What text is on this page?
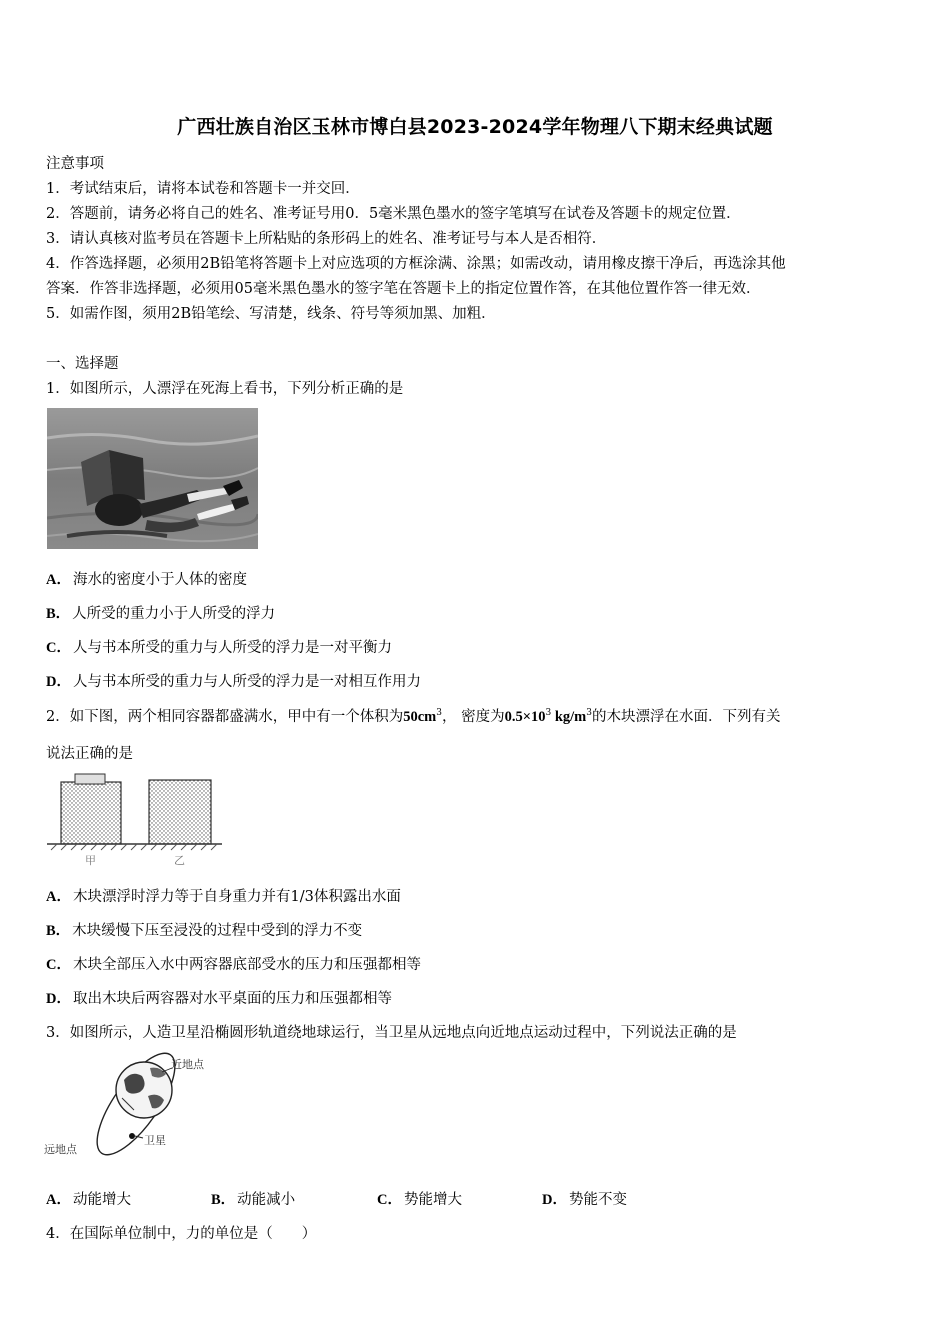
广西壮族自治区玉林市博白县2023-2024学年物理八下期末经典试题
注意事项
1．考试结束后，请将本试卷和答题卡一并交回．
2．答题前，请务必将自己的姓名、准考证号用0．5毫米黑色墨水的签字笔填写在试卷及答题卡的规定位置．
3．请认真核对监考员在答题卡上所粘贴的条形码上的姓名、准考证号与本人是否相符．
4．作答选择题，必须用2B铅笔将答题卡上对应选项的方框涂满、涂黑；如需改动，请用橡皮擦干净后，再选涂其他
答案．作答非选择题，必须用05毫米黑色墨水的签字笔在答题卡上的指定位置作答，在其他位置作答一律无效．
5．如需作图，须用2B铅笔绘、写清楚，线条、符号等须加黑、加粗．
一、选择题
1．如图所示，人漂浮在死海上看书，下列分析正确的是
A． 海水的密度小于人体的密度
B． 人所受的重力小于人所受的浮力
C． 人与书本所受的重力与人所受的浮力是一对平衡力
D． 人与书本所受的重力与人所受的浮力是一对相互作用力
2．如下图，两个相同容器都盛满水，甲中有一个体积为$50cm^3$， 密度为$0.5\times 10^3$ $kg/m^3$的木块漂浮在水面．下列有关
说法正确的是
甲	乙
A． 木块漂浮时浮力等于自身重力并有1/3体积露出水面
B． 木块缓慢下压至浸没的过程中受到的浮力不变
C． 木块全部压入水中两容器底部受水的压力和压强都相等
D． 取出木块后两容器对水平桌面的压力和压强都相等
3．如图所示，人造卫星沿椭圆形轨道绕地球运行，当卫星从远地点向近地点运动过程中，下列说法正确的是
近地点
远地点
卫星
A． 动能增大	B． 动能减小	C． 势能增大	D． 势能不变
4．在国际单位制中，力的单位是（　　）
